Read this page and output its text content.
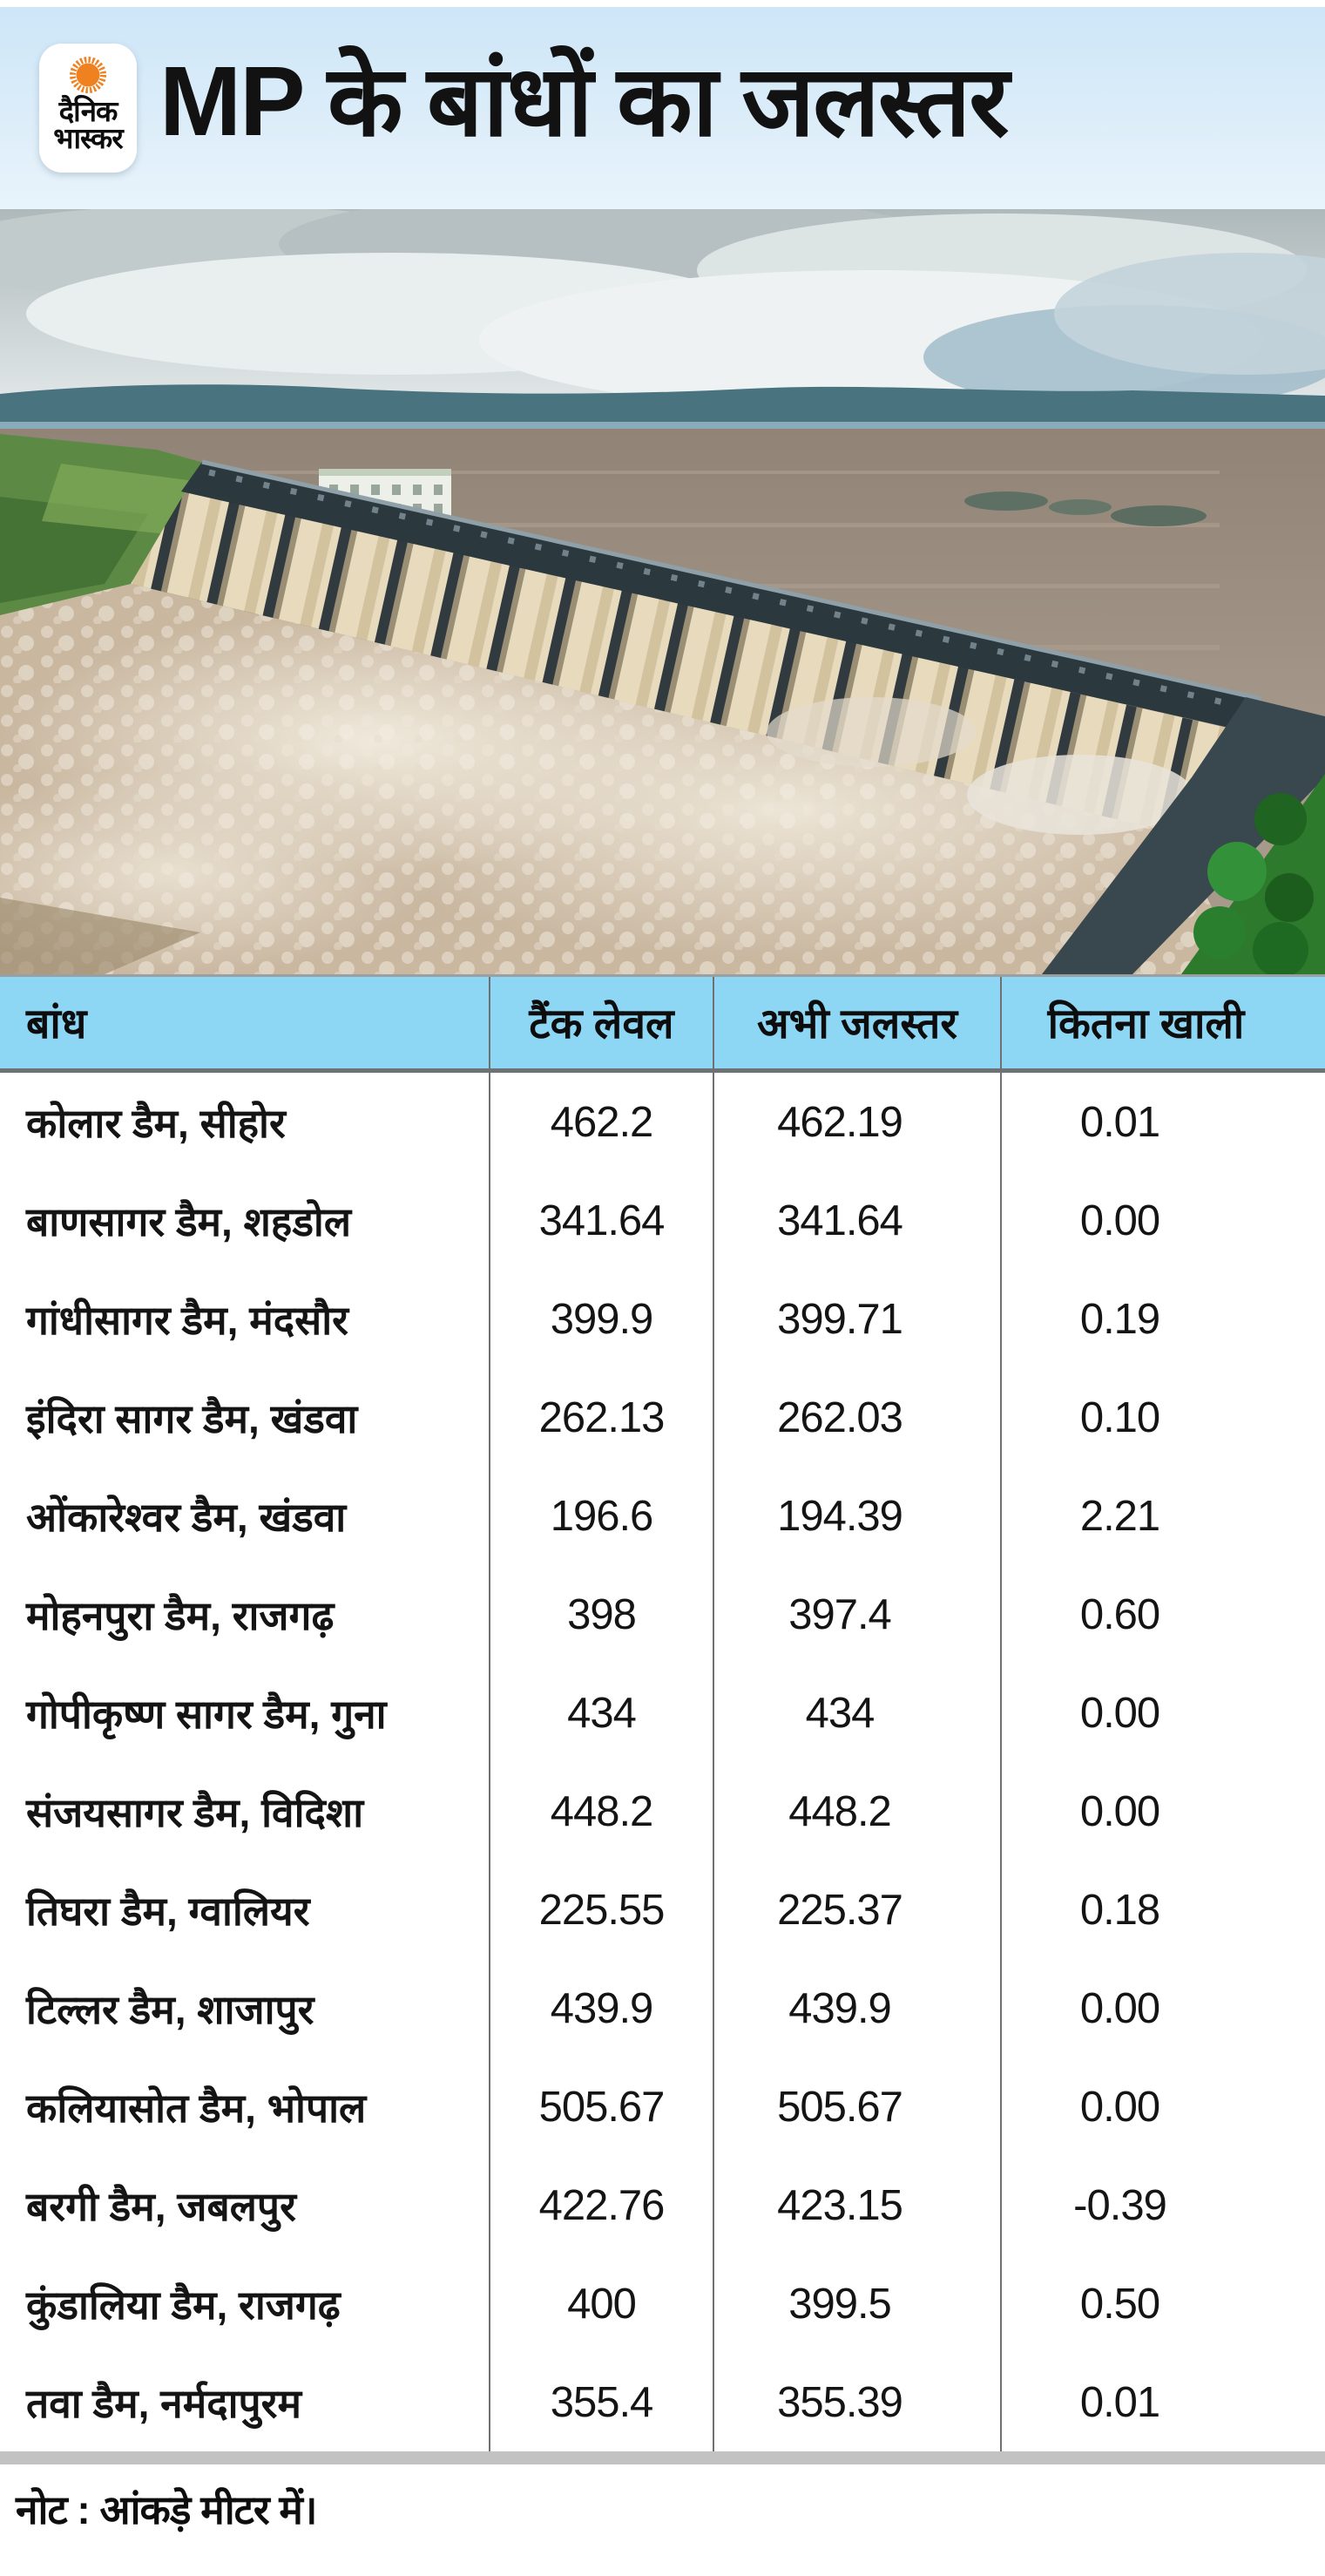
दैनिक
भास्कर MP के बांधों का जलस्तर
बांध	टैंक लेवल	अभी जलस्तर	कितना खाली
कोलार डैम, सीहोर	462.2	462.19	0.01
बाणसागर डैम, शहडोल	341.64	341.64	0.00
गांधीसागर डैम, मंदसौर	399.9	399.71	0.19
इंदिरा सागर डैम, खंडवा	262.13	262.03	0.10
ओंकारेश्वर डैम, खंडवा	196.6	194.39	2.21
मोहनपुरा डैम, राजगढ़	398	397.4	0.60
गोपीकृष्ण सागर डैम, गुना	434	434	0.00
संजयसागर डैम, विदिशा	448.2	448.2	0.00
तिघरा डैम, ग्वालियर	225.55	225.37	0.18
टिल्लर डैम, शाजापुर	439.9	439.9	0.00
कलियासोत डैम, भोपाल	505.67	505.67	0.00
बरगी डैम, जबलपुर	422.76	423.15	-0.39
कुंडालिया डैम, राजगढ़	400	399.5	0.50
तवा डैम, नर्मदापुरम	355.4	355.39	0.01
नोट : आंकड़े मीटर में।
